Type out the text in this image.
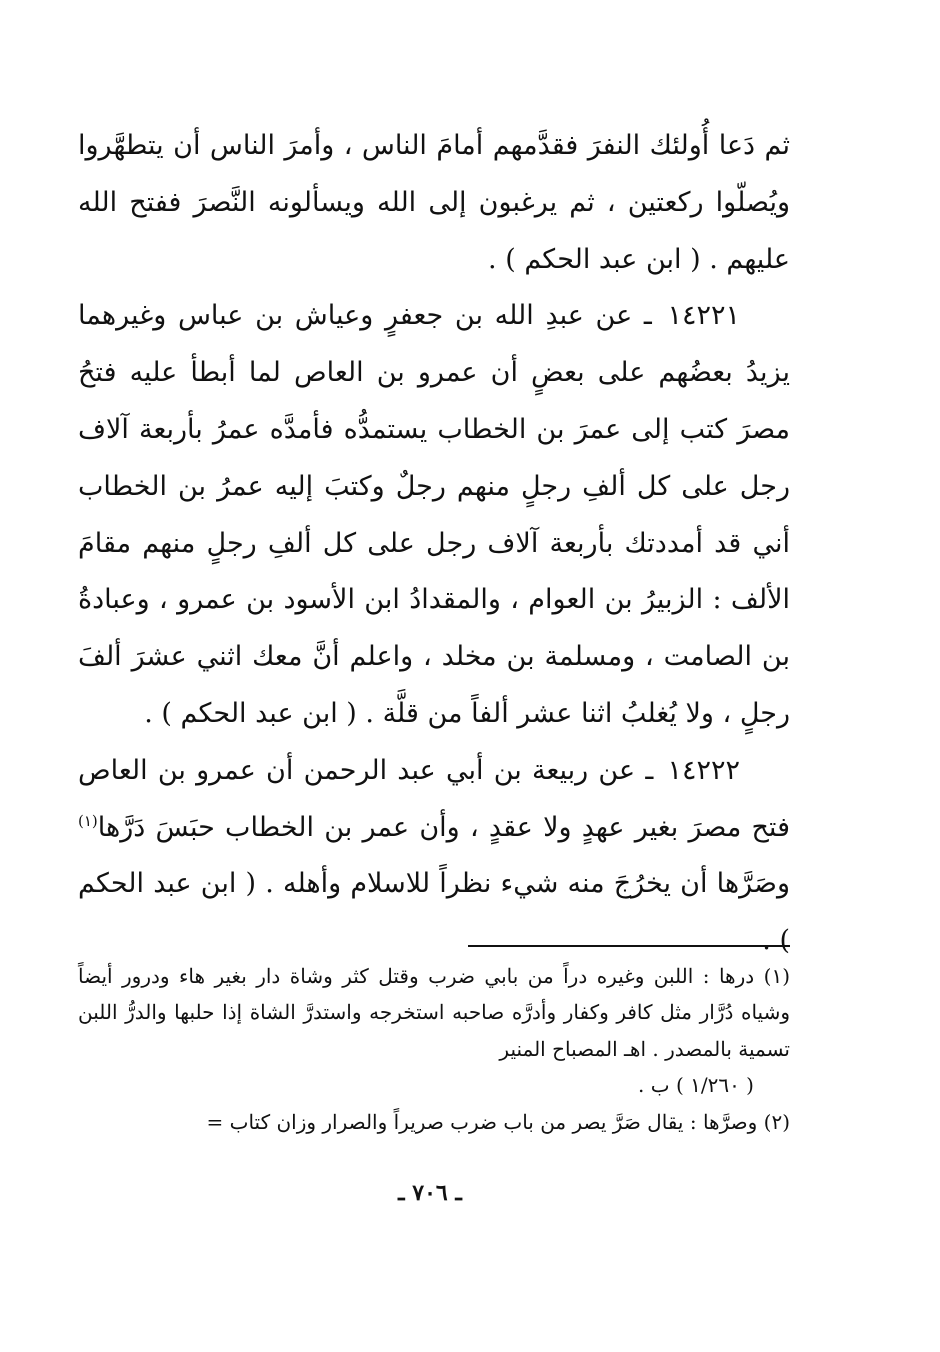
ثم دَعا أُولئك النفرَ فقدَّمهم أمامَ الناس ، وأمرَ الناس أن يتطهَّروا ويُصلّوا ركعتين ، ثم يرغبون إلى الله ويسألونه النَّصرَ ففتح الله عليهم . ( ابن عبد الحكم ) .

١٤٢٢١ ـ عن عبدِ الله بن جعفرٍ وعياش بن عباس وغيرهما يزيدُ بعضُهم على بعضٍ أن عمرو بن العاص لما أبطأ عليه فتحُ مصرَ كتب إلى عمرَ بن الخطاب يستمدُّه فأمدَّه عمرُ بأربعة آلاف رجل على كل ألفِ رجلٍ منهم رجلٌ وكتبَ إليه عمرُ بن الخطاب أني قد أمددتك بأربعة آلاف رجل على كل ألفِ رجلٍ منهم مقامَ الألف : الزبيرُ بن العوام ، والمقدادُ ابن الأسود بن عمرو ، وعبادةُ بن الصامت ، ومسلمة بن مخلد ، واعلم أنَّ معك اثني عشرَ ألفَ رجلٍ ، ولا يُغلبُ اثنا عشر ألفاً من قلَّة . ( ابن عبد الحكم ) .

١٤٢٢٢ ـ عن ربيعة بن أبي عبد الرحمن أن عمرو بن العاص فتح مصرَ بغير عهدٍ ولا عقدٍ ، وأن عمر بن الخطاب حبَسَ دَرَّها$^{(١)}$ وصَرَّها أن يخرُجَ منه شيء نظراً للاسلام وأهله . ( ابن عبد الحكم ) .

(١) درها : اللبن وغيره دراً من بابي ضرب وقتل كثر وشاة دار بغير هاء ودرور أيضاً وشياه دُرَّار مثل كافر وكفار وأدرَّه صاحبه استخرجه واستدرَّ الشاة إذا حلبها والدرُّ اللبن تسمية بالمصدر . اهـ المصباح المنير

( ١/٢٦٠ ) ب .

(٢) وصرَّها : يقال صَرَّ يصر من باب ضرب صريراً والصرار وزان كتاب =

ـ ٧٠٦ ـ
